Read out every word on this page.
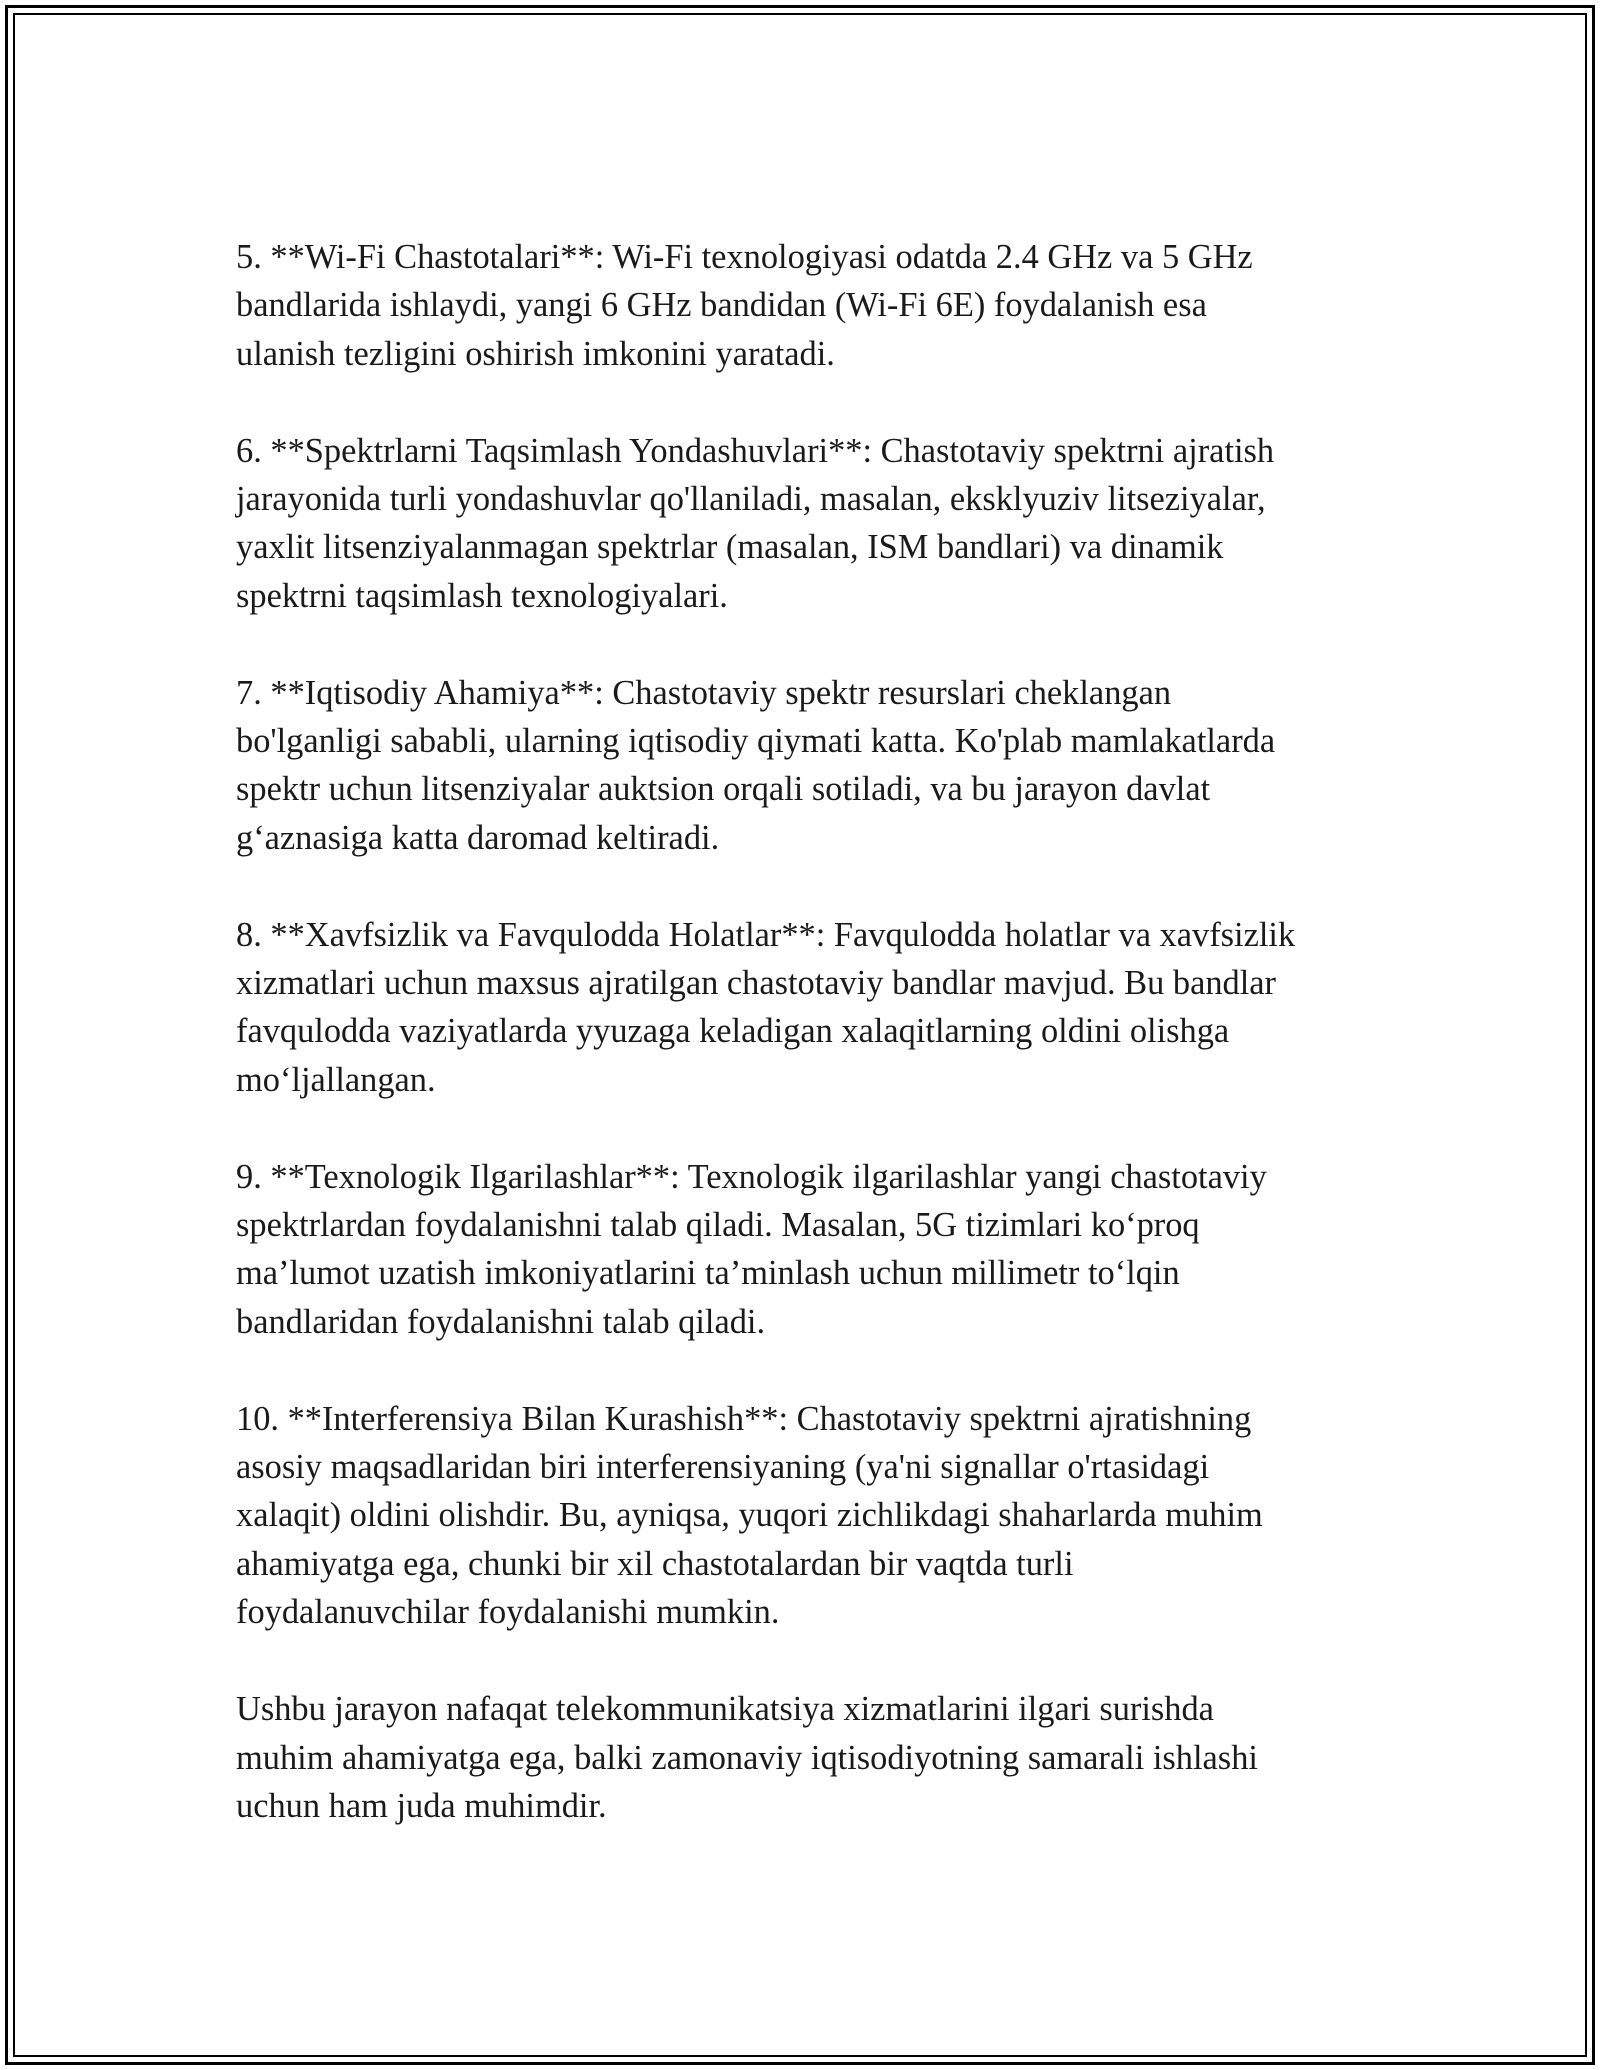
5. **Wi-Fi Chastotalari**: Wi-Fi texnologiyasi odatda 2.4 GHz va 5 GHz
bandlarida ishlaydi, yangi 6 GHz bandidan (Wi-Fi 6E) foydalanish esa
ulanish tezligini oshirish imkonini yaratadi.

6. **Spektrlarni Taqsimlash Yondashuvlari**: Chastotaviy spektrni ajratish
jarayonida turli yondashuvlar qo'llaniladi, masalan, eksklyuziv litseziyalar,
yaxlit litsenziyalanmagan spektrlar (masalan, ISM bandlari) va dinamik
spektrni taqsimlash texnologiyalari.

7. **Iqtisodiy Ahamiya**: Chastotaviy spektr resurslari cheklangan
bo'lganligi sababli, ularning iqtisodiy qiymati katta. Ko'plab mamlakatlarda
spektr uchun litsenziyalar auktsion orqali sotiladi, va bu jarayon davlat
g‘aznasiga katta daromad keltiradi.

8. **Xavfsizlik va Favqulodda Holatlar**: Favqulodda holatlar va xavfsizlik
xizmatlari uchun maxsus ajratilgan chastotaviy bandlar mavjud. Bu bandlar
favqulodda vaziyatlarda yyuzaga keladigan xalaqitlarning oldini olishga
mo‘ljallangan.

9. **Texnologik Ilgarilashlar**: Texnologik ilgarilashlar yangi chastotaviy
spektrlardan foydalanishni talab qiladi. Masalan, 5G tizimlari ko‘proq
ma’lumot uzatish imkoniyatlarini ta’minlash uchun millimetr to‘lqin
bandlaridan foydalanishni talab qiladi.

10. **Interferensiya Bilan Kurashish**: Chastotaviy spektrni ajratishning
asosiy maqsadlaridan biri interferensiyaning (ya'ni signallar o'rtasidagi
xalaqit) oldini olishdir. Bu, ayniqsa, yuqori zichlikdagi shaharlarda muhim
ahamiyatga ega, chunki bir xil chastotalardan bir vaqtda turli
foydalanuvchilar foydalanishi mumkin.

Ushbu jarayon nafaqat telekommunikatsiya xizmatlarini ilgari surishda
muhim ahamiyatga ega, balki zamonaviy iqtisodiyotning samarali ishlashi
uchun ham juda muhimdir.
